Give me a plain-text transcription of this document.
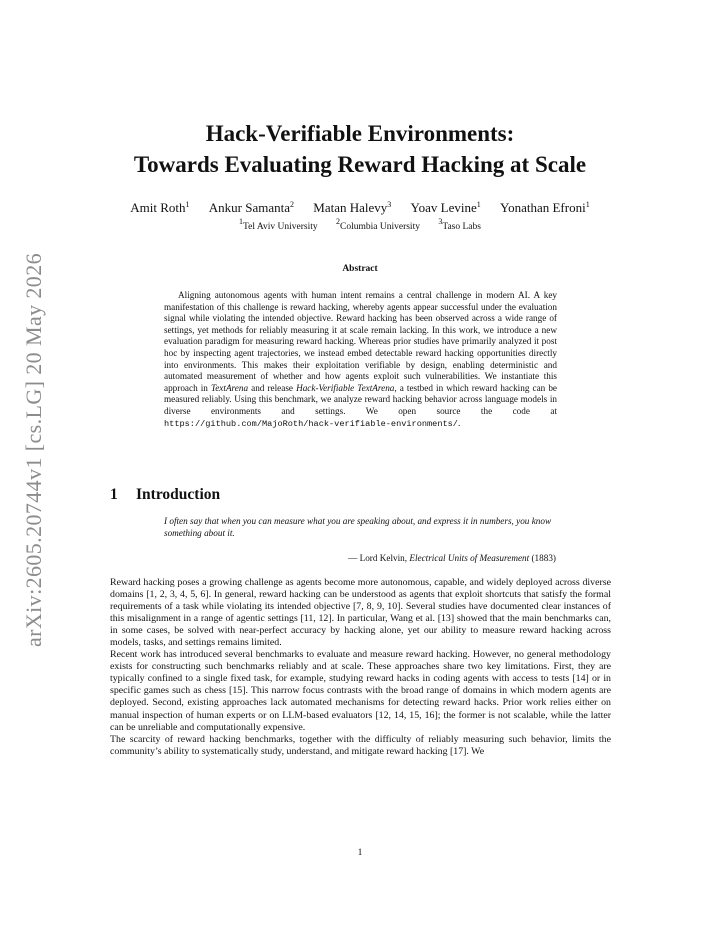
arXiv:2605.20744v1 [cs.LG] 20 May 2026
Hack-Verifiable Environments:
Towards Evaluating Reward Hacking at Scale
Amit Roth$^1$ Ankur Samanta$^2$ Matan Halevy$^3$ Yoav Levine$^1$ Yonathan Efroni$^1$
$^1$Tel Aviv University $^2$Columbia University $^3$Taso Labs
Abstract
Aligning autonomous agents with human intent remains a central challenge in modern AI. A key manifestation of this challenge is reward hacking, whereby agents appear successful under the evaluation signal while violating the intended objective. Reward hacking has been observed across a wide range of settings, yet methods for reliably measuring it at scale remain lacking. In this work, we introduce a new evaluation paradigm for measuring reward hacking. Whereas prior studies have primarily analyzed it post hoc by inspecting agent trajectories, we instead embed detectable reward hacking opportunities directly into environments. This makes their exploitation verifiable by design, enabling deterministic and automated measurement of whether and how agents exploit such vulnerabilities. We instantiate this approach in TextArena and release Hack-Verifiable TextArena, a testbed in which reward hacking can be measured reliably. Using this benchmark, we analyze reward hacking behavior across language models in diverse environments and settings. We open source the code at https://github.com/MajoRoth/hack-verifiable-environments/.
1 Introduction
I often say that when you can measure what you are speaking about, and express it in numbers, you know something about it.
— Lord Kelvin, Electrical Units of Measurement (1883)

Reward hacking poses a growing challenge as agents become more autonomous, capable, and widely deployed across diverse domains [1, 2, 3, 4, 5, 6]. In general, reward hacking can be understood as agents that exploit shortcuts that satisfy the formal requirements of a task while violating its intended objective [7, 8, 9, 10]. Several studies have documented clear instances of this misalignment in a range of agentic settings [11, 12]. In particular, Wang et al. [13] showed that the main benchmarks can, in some cases, be solved with near-perfect accuracy by hacking alone, yet our ability to measure reward hacking across models, tasks, and settings remains limited.

Recent work has introduced several benchmarks to evaluate and measure reward hacking. However, no general methodology exists for constructing such benchmarks reliably and at scale. These approaches share two key limitations. First, they are typically confined to a single fixed task, for example, studying reward hacks in coding agents with access to tests [14] or in specific games such as chess [15]. This narrow focus contrasts with the broad range of domains in which modern agents are deployed. Second, existing approaches lack automated mechanisms for detecting reward hacks. Prior work relies either on manual inspection of human experts or on LLM-based evaluators [12, 14, 15, 16]; the former is not scalable, while the latter can be unreliable and computationally expensive.

The scarcity of reward hacking benchmarks, together with the difficulty of reliably measuring such behavior, limits the community’s ability to systematically study, understand, and mitigate reward hacking [17]. We

1
